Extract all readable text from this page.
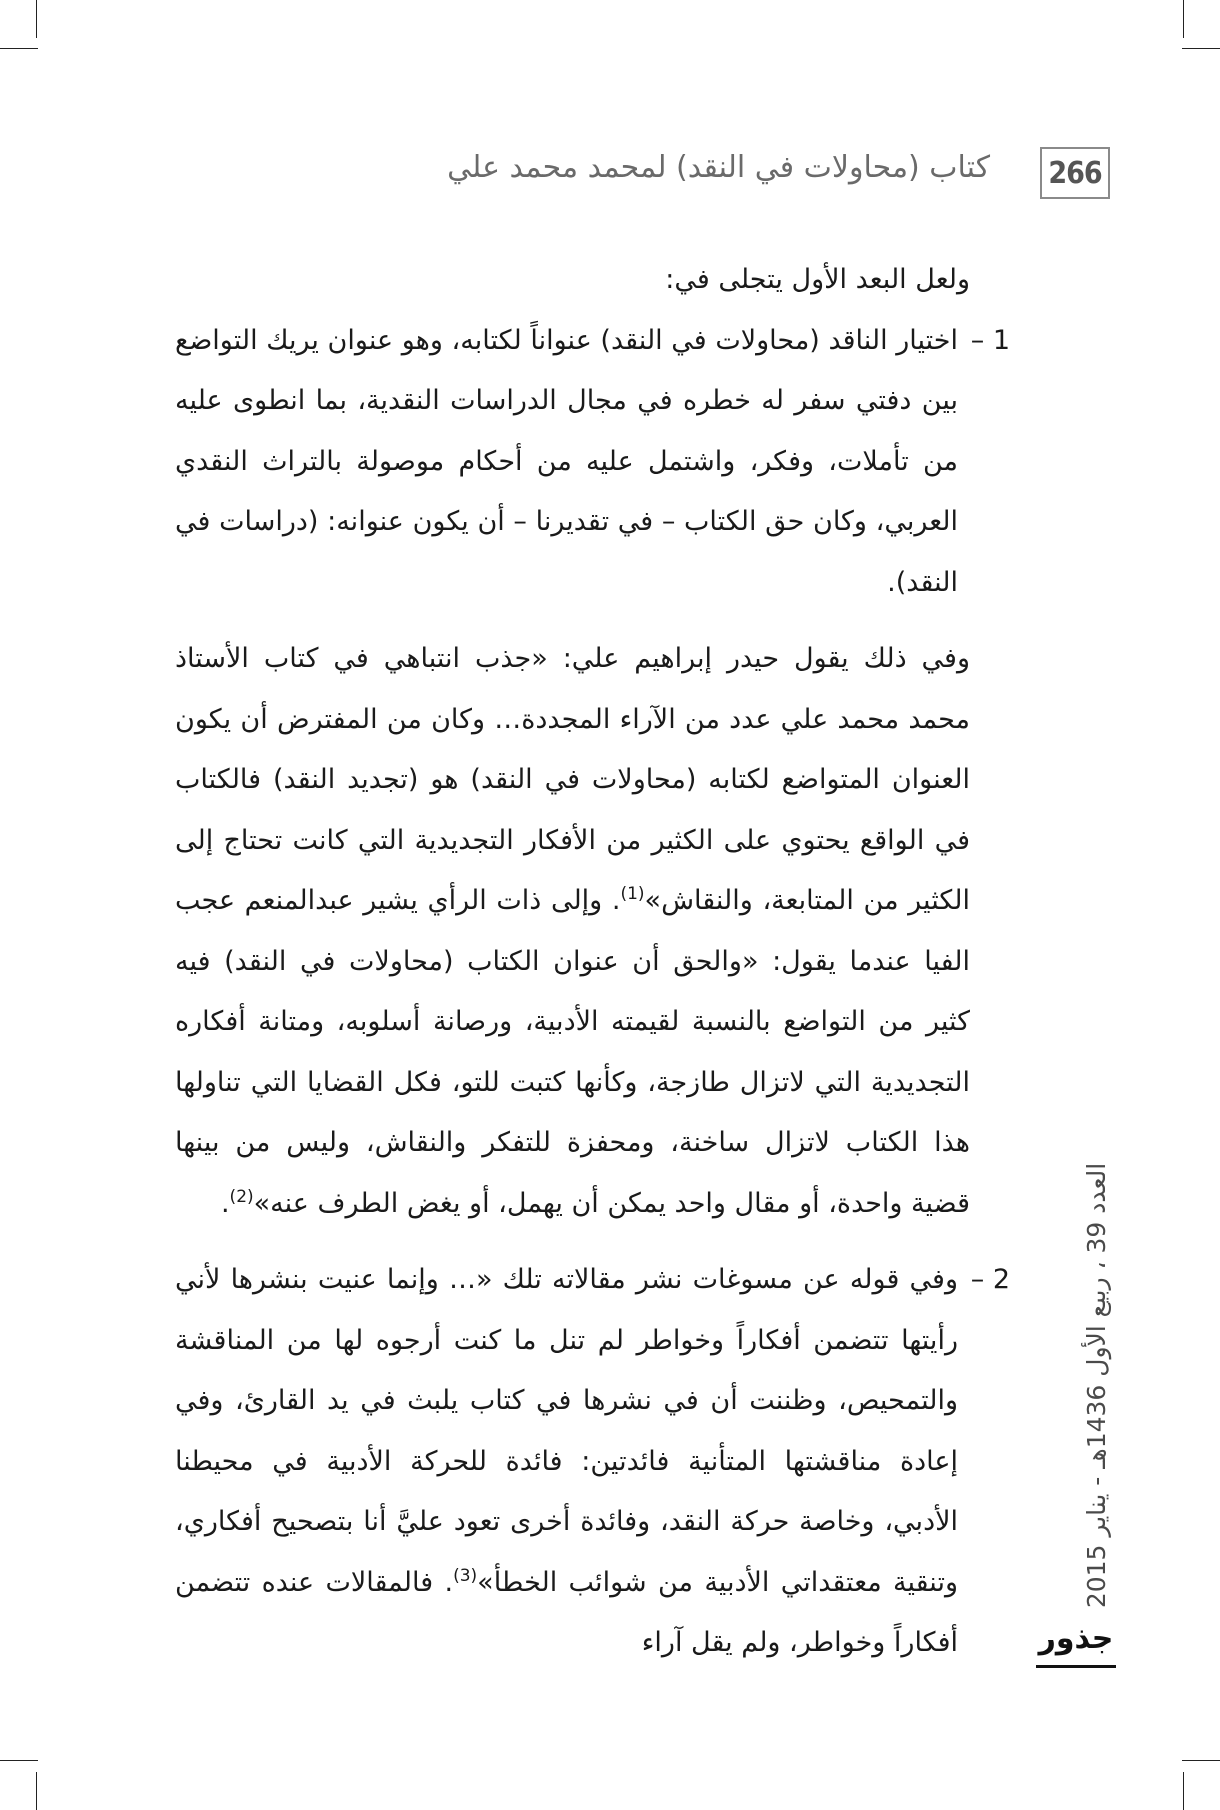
266
كتاب (محاولات في النقد) لمحمد محمد علي

ولعل البعد الأول يتجلى في:

1 –
اختيار الناقد (محاولات في النقد) عنواناً لكتابه، وهو عنوان يريك التواضع بين دفتي سفر له خطره في مجال الدراسات النقدية، بما انطوى عليه من تأملات، وفكر، واشتمل عليه من أحكام موصولة بالتراث النقدي العربي، وكان حق الكتاب – في تقديرنا – أن يكون عنوانه: (دراسات في النقد).

وفي ذلك يقول حيدر إبراهيم علي: «جذب انتباهي في كتاب الأستاذ محمد محمد علي عدد من الآراء المجددة… وكان من المفترض أن يكون العنوان المتواضع لكتابه (محاولات في النقد) هو (تجديد النقد) فالكتاب في الواقع يحتوي على الكثير من الأفكار التجديدية التي كانت تحتاج إلى الكثير من المتابعة، والنقاش»$^{(1)}$. وإلى ذات الرأي يشير عبدالمنعم عجب الفيا عندما يقول: «والحق أن عنوان الكتاب (محاولات في النقد) فيه كثير من التواضع بالنسبة لقيمته الأدبية، ورصانة أسلوبه، ومتانة أفكاره التجديدية التي لاتزال طازجة، وكأنها كتبت للتو، فكل القضايا التي تناولها هذا الكتاب لاتزال ساخنة، ومحفزة للتفكر والنقاش، وليس من بينها قضية واحدة، أو مقال واحد يمكن أن يهمل، أو يغض الطرف عنه»$^{(2)}$.

2 –
وفي قوله عن مسوغات نشر مقالاته تلك «… وإنما عنيت بنشرها لأني رأيتها تتضمن أفكاراً وخواطر لم تنل ما كنت أرجوه لها من المناقشة والتمحيص، وظننت أن في نشرها في كتاب يلبث في يد القارئ، وفي إعادة مناقشتها المتأنية فائدتين: فائدة للحركة الأدبية في محيطنا الأدبي، وخاصة حركة النقد، وفائدة أخرى تعود عليَّ أنا بتصحيح أفكاري، وتنقية معتقداتي الأدبية من شوائب الخطأ»$^{(3)}$. فالمقالات عنده تتضمن أفكاراً وخواطر، ولم يقل آراء
العدد 39 ، ربيع الأول 1436هـ - يناير 2015
جذور
